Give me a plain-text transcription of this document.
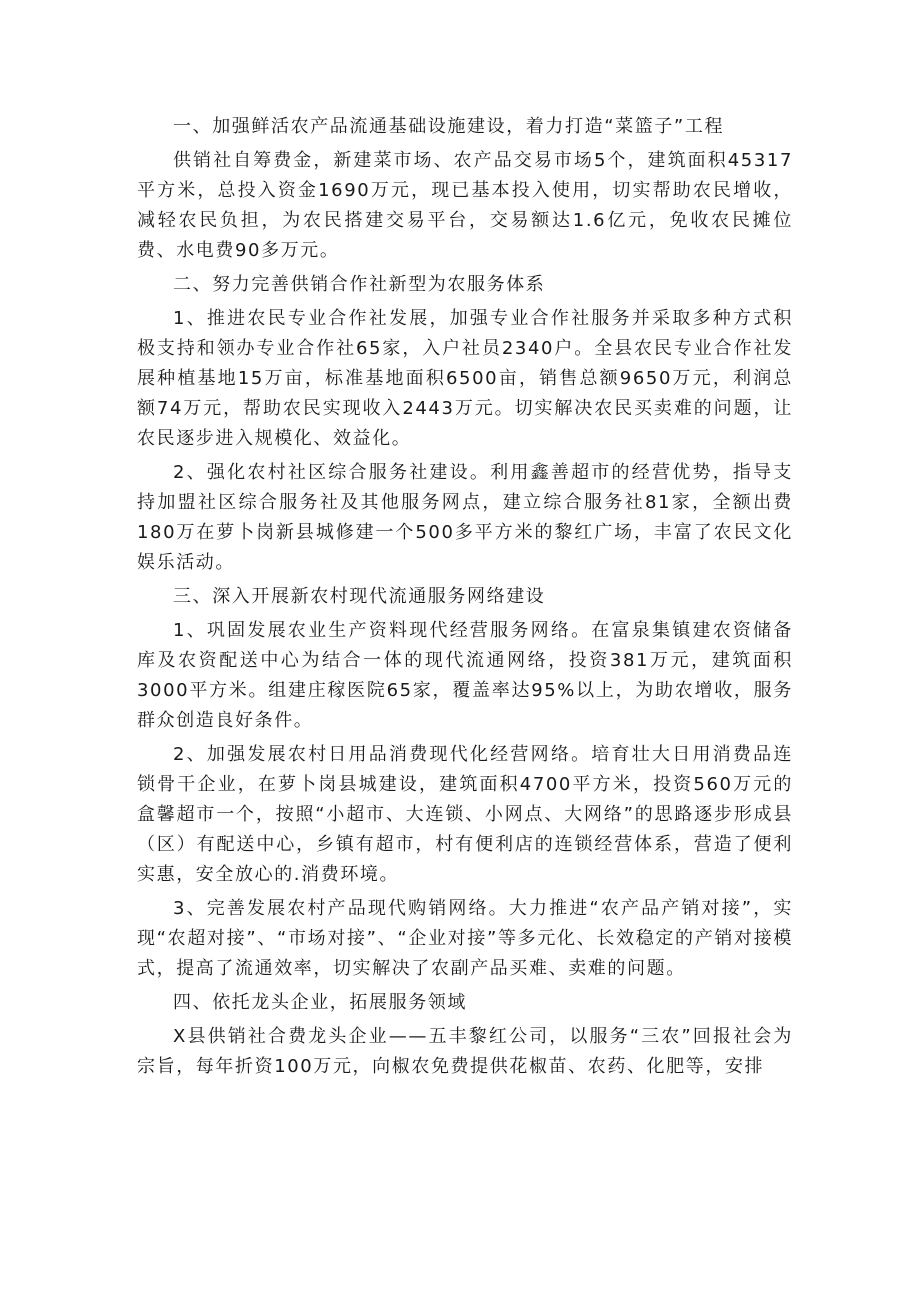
一、加强鲜活农产品流通基础设施建设，着力打造“菜篮子”工程

供销社自筹费金，新建菜市场、农产品交易市场5个，建筑面积45317平方米，总投入资金1690万元，现已基本投入使用，切实帮助农民增收，减轻农民负担，为农民搭建交易平台，交易额达1.6亿元，免收农民摊位费、水电费90多万元。

二、努力完善供销合作社新型为农服务体系

1、推进农民专业合作社发展，加强专业合作社服务并采取多种方式积极支持和领办专业合作社65家，入户社员2340户。全县农民专业合作社发展种植基地15万亩，标准基地面积6500亩，销售总额9650万元，利润总额74万元，帮助农民实现收入2443万元。切实解决农民买卖难的问题，让农民逐步进入规模化、效益化。

2、强化农村社区综合服务社建设。利用鑫善超市的经营优势，指导支持加盟社区综合服务社及其他服务网点，建立综合服务社81家，全额出费180万在萝卜岗新县城修建一个500多平方米的黎红广场，丰富了农民文化娱乐活动。

三、深入开展新农村现代流通服务网络建设

1、巩固发展农业生产资料现代经营服务网络。在富泉集镇建农资储备库及农资配送中心为结合一体的现代流通网络，投资381万元，建筑面积3000平方米。组建庄稼医院65家，覆盖率达95%以上，为助农增收，服务群众创造良好条件。

2、加强发展农村日用品消费现代化经营网络。培育壮大日用消费品连锁骨干企业，在萝卜岗县城建设，建筑面积4700平方米，投资560万元的盒馨超市一个，按照“小超市、大连锁、小网点、大网络”的思路逐步形成县（区）有配送中心，乡镇有超市，村有便利店的连锁经营体系，营造了便利实惠，安全放心的.消费环境。

3、完善发展农村产品现代购销网络。大力推进“农产品产销对接”，实现“农超对接”、“市场对接”、“企业对接”等多元化、长效稳定的产销对接模式，提高了流通效率，切实解决了农副产品买难、卖难的问题。

四、依托龙头企业，拓展服务领域

X县供销社合费龙头企业——五丰黎红公司，以服务“三农”回报社会为宗旨，每年折资100万元，向椒农免费提供花椒苗、农药、化肥等，安排
